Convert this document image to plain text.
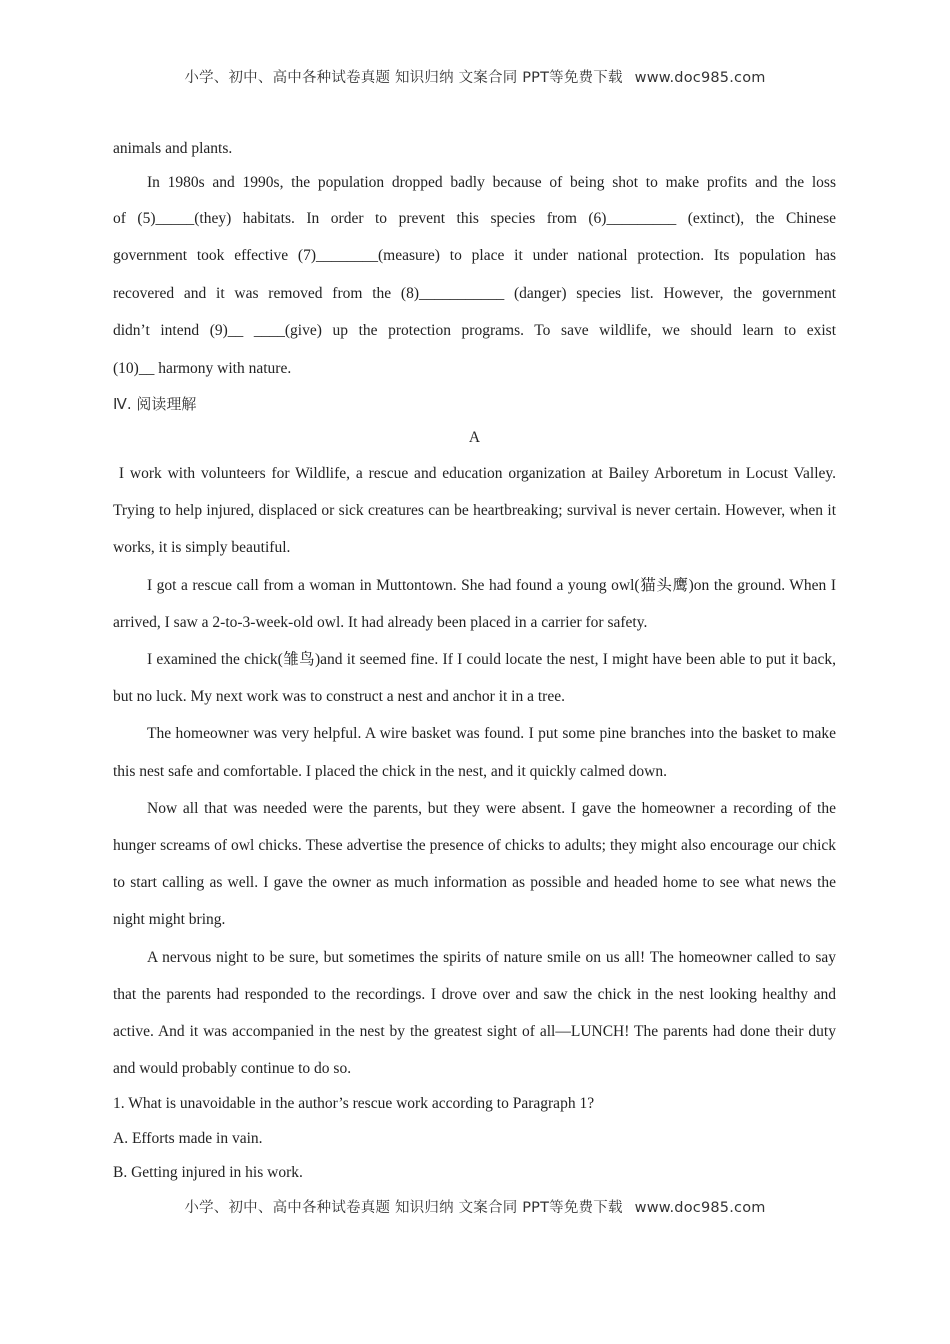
小学、初中、高中各种试卷真题 知识归纳 文案合同 PPT等免费下载 www.doc985.com

animals and plants.

In 1980s and 1990s, the population dropped badly because of being shot to make profits and the loss

of (5)_____(they) habitats. In order to prevent this species from (6)_________ (extinct), the Chinese

government took effective (7)________(measure) to place it under national protection. Its population has

recovered and it was removed from the (8)___________ (danger) species list. However, the government

didn’t intend (9)__ ____(give) up the protection programs. To save wildlife, we should learn to exist

(10)__ harmony with nature.

Ⅳ. 阅读理解

A

I work with volunteers for Wildlife, a rescue and education organization at Bailey Arboretum in Locust Valley. Trying to help injured, displaced or sick creatures can be heartbreaking; survival is never certain. However, when it works, it is simply beautiful.

I got a rescue call from a woman in Muttontown. She had found a young owl(猫头鹰)on the ground. When I arrived, I saw a 2-to-3-week-old owl. It had already been placed in a carrier for safety.

I examined the chick(雏鸟)and it seemed fine. If I could locate the nest, I might have been able to put it back, but no luck. My next work was to construct a nest and anchor it in a tree.

The homeowner was very helpful. A wire basket was found. I put some pine branches into the basket to make this nest safe and comfortable. I placed the chick in the nest, and it quickly calmed down.

Now all that was needed were the parents, but they were absent. I gave the homeowner a recording of the hunger screams of owl chicks. These advertise the presence of chicks to adults; they might also encourage our chick to start calling as well. I gave the owner as much information as possible and headed home to see what news the night might bring.

A nervous night to be sure, but sometimes the spirits of nature smile on us all! The homeowner called to say that the parents had responded to the recordings. I drove over and saw the chick in the nest looking healthy and active. And it was accompanied in the nest by the greatest sight of all—LUNCH! The parents had done their duty and would probably continue to do so.

1. What is unavoidable in the author’s rescue work according to Paragraph 1?

A. Efforts made in vain.

B. Getting injured in his work.

小学、初中、高中各种试卷真题 知识归纳 文案合同 PPT等免费下载 www.doc985.com
